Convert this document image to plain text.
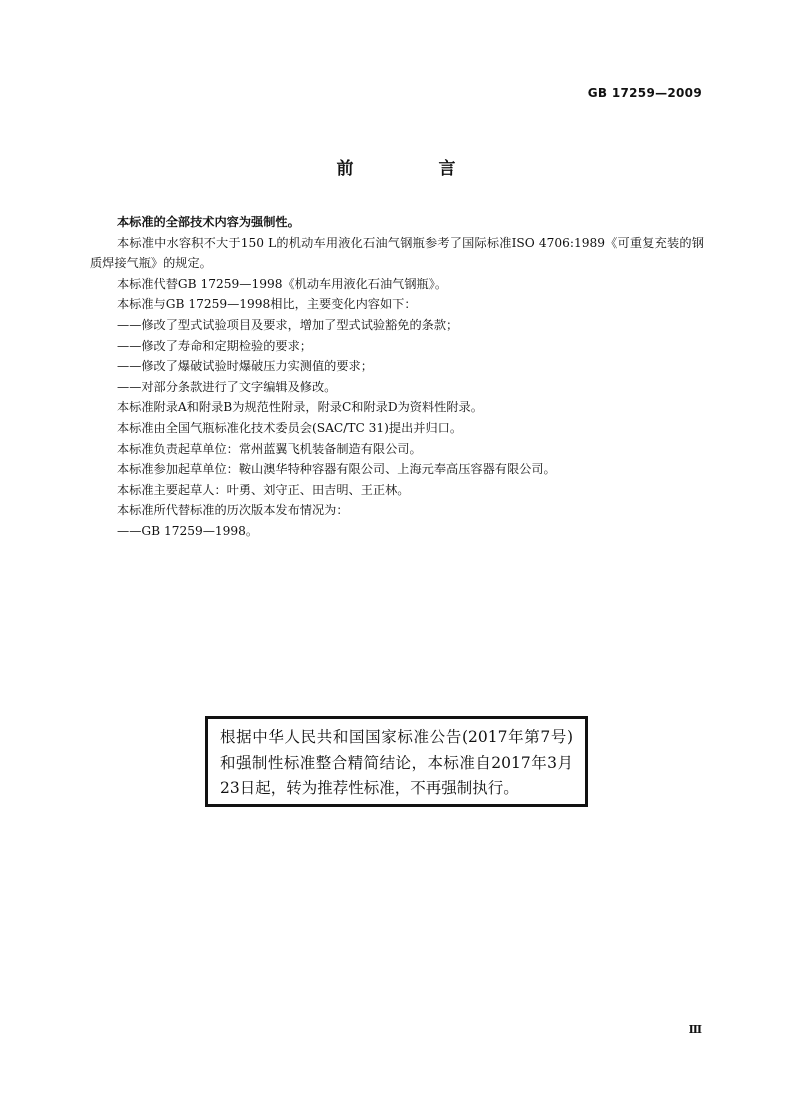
GB 17259—2009
前　言

本标准的全部技术内容为强制性。

本标准中水容积不大于150 L的机动车用液化石油气钢瓶参考了国际标准ISO 4706:1989《可重复充装的钢质焊接气瓶》的规定。

本标准代替GB 17259—1998《机动车用液化石油气钢瓶》。

本标准与GB 17259—1998相比，主要变化内容如下：

——修改了型式试验项目及要求，增加了型式试验豁免的条款；

——修改了寿命和定期检验的要求；

——修改了爆破试验时爆破压力实测值的要求；

——对部分条款进行了文字编辑及修改。

本标准附录A和附录B为规范性附录，附录C和附录D为资料性附录。

本标准由全国气瓶标准化技术委员会(SAC/TC 31)提出并归口。

本标准负责起草单位：常州蓝翼飞机装备制造有限公司。

本标准参加起草单位：鞍山澳华特种容器有限公司、上海元奉高压容器有限公司。

本标准主要起草人：叶勇、刘守正、田吉明、王正林。

本标准所代替标准的历次版本发布情况为：

——GB 17259—1998。

根据中华人民共和国国家标准公告(2017年第7号)和强制性标准整合精简结论，本标准自2017年3月23日起，转为推荐性标准，不再强制执行。
Ⅲ
